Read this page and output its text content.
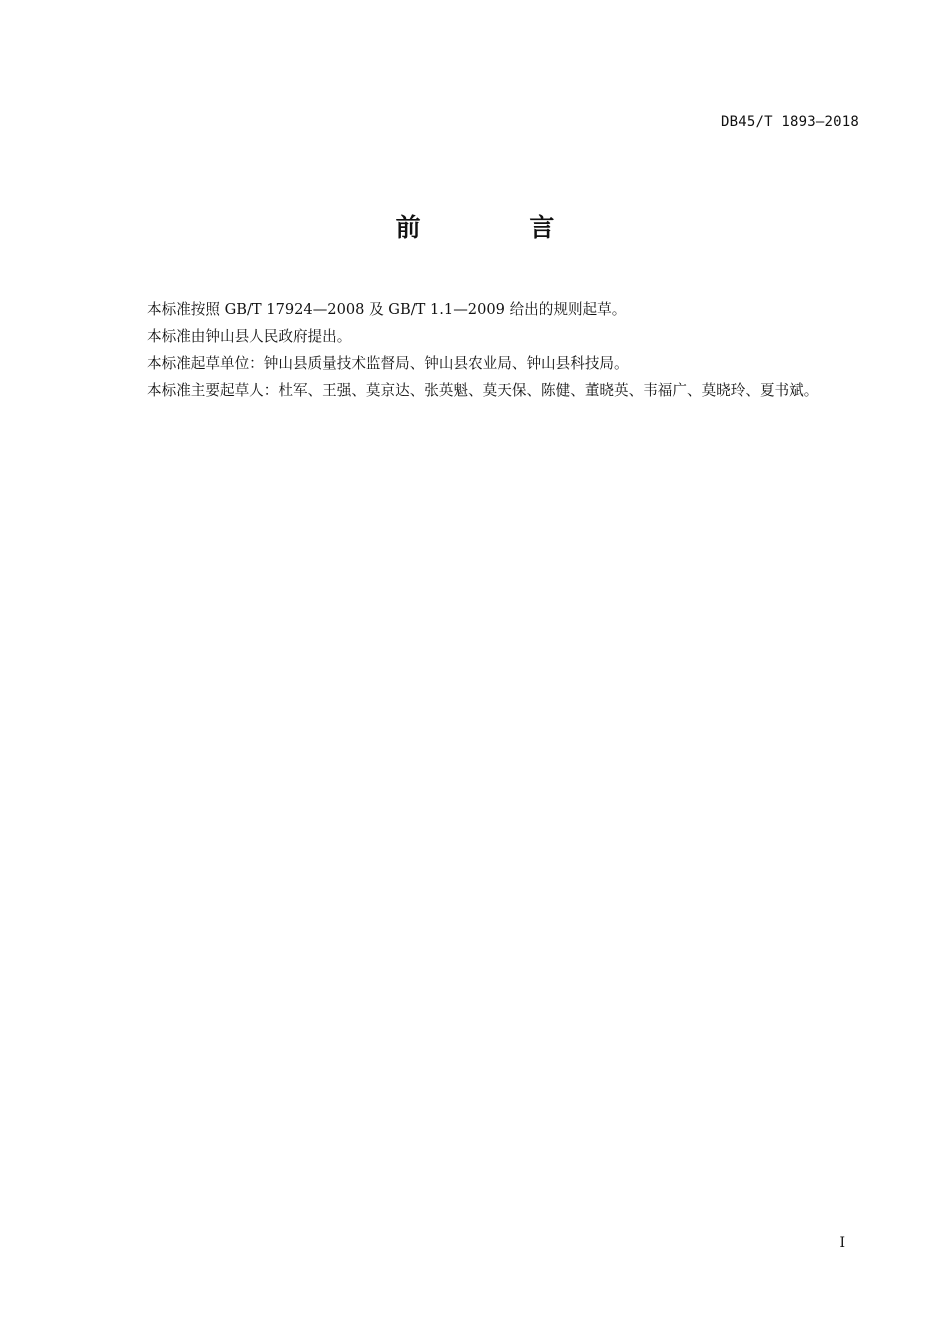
DB45/T 1893—2018
前 言

本标准按照 GB/T 17924—2008 及 GB/T 1.1—2009 给出的规则起草。

本标准由钟山县人民政府提出。

本标准起草单位：钟山县质量技术监督局、钟山县农业局、钟山县科技局。

本标准主要起草人：杜军、王强、莫京达、张英魁、莫天保、陈健、董晓英、韦福广、莫晓玲、夏书斌。

I
